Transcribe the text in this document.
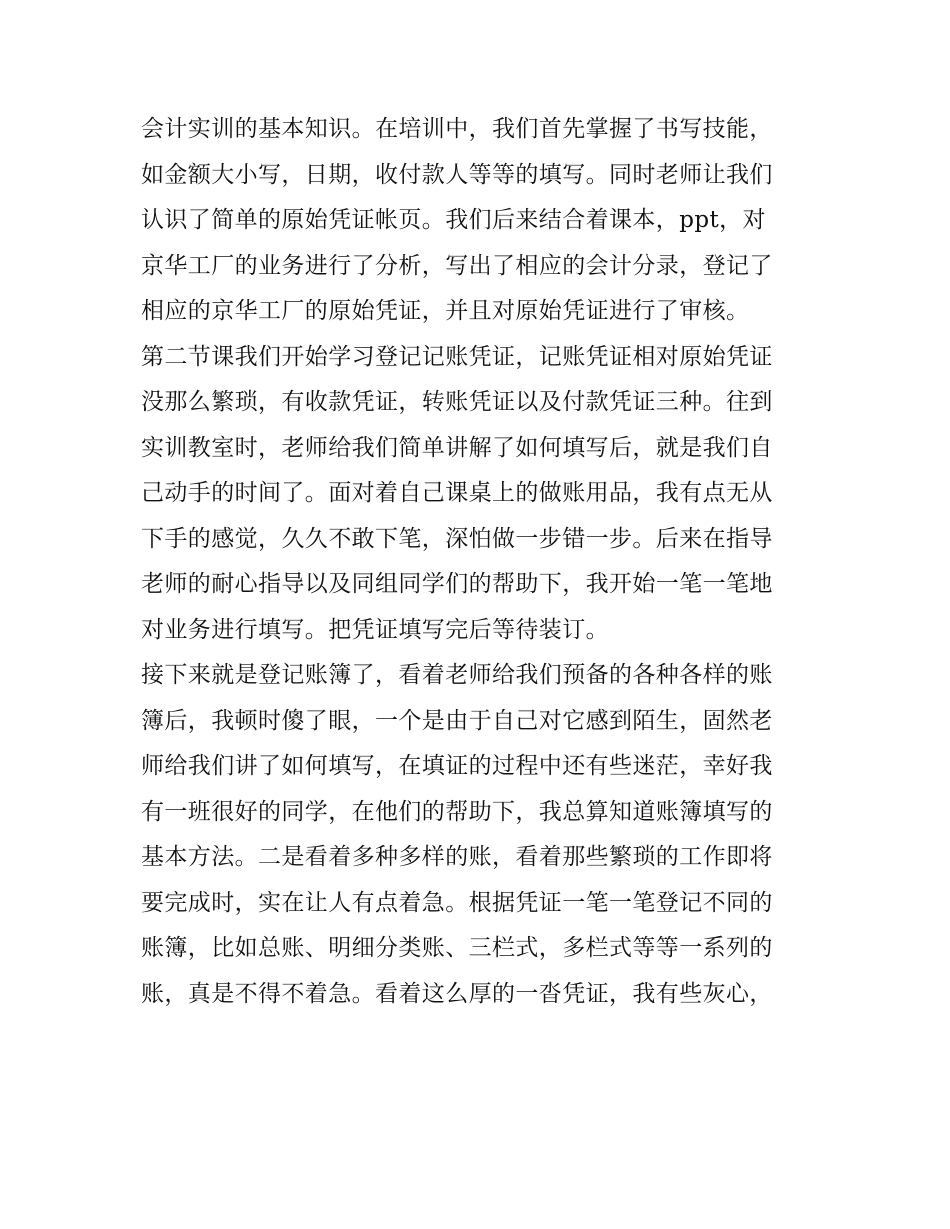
会计实训的基本知识。在培训中，我们首先掌握了书写技能，
如金额大小写，日期，收付款人等等的填写。同时老师让我们
认识了简单的原始凭证帐页。我们后来结合着课本，ppt，对
京华工厂的业务进行了分析，写出了相应的会计分录，登记了
相应的京华工厂的原始凭证，并且对原始凭证进行了审核。
第二节课我们开始学习登记记账凭证，记账凭证相对原始凭证
没那么繁琐，有收款凭证，转账凭证以及付款凭证三种。往到
实训教室时，老师给我们简单讲解了如何填写后，就是我们自
己动手的时间了。面对着自己课桌上的做账用品，我有点无从
下手的感觉，久久不敢下笔，深怕做一步错一步。后来在指导
老师的耐心指导以及同组同学们的帮助下，我开始一笔一笔地
对业务进行填写。把凭证填写完后等待装订。
接下来就是登记账簿了，看着老师给我们预备的各种各样的账
簿后，我顿时傻了眼，一个是由于自己对它感到陌生，固然老
师给我们讲了如何填写，在填证的过程中还有些迷茫，幸好我
有一班很好的同学，在他们的帮助下，我总算知道账簿填写的
基本方法。二是看着多种多样的账，看着那些繁琐的工作即将
要完成时，实在让人有点着急。根据凭证一笔一笔登记不同的
账簿，比如总账、明细分类账、三栏式，多栏式等等一系列的
账，真是不得不着急。看着这么厚的一沓凭证，我有些灰心，
